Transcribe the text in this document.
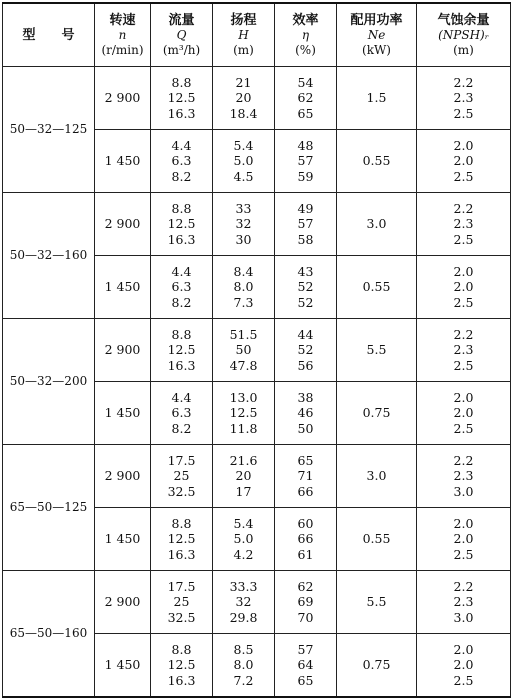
型　　号	转速
n
(r/min)	流量
Q
(m³/h)	扬程
H
(m)	效率
η
(%)	配用功率
Ne
(kW)	气蚀余量
(NPSH)ᵣ
(m)

50—32—125	2 900	8.8
12.5
16.3	21
20
18.4	54
62
65	1.5	2.2
2.3
2.5

	1 450	4.4
6.3
8.2	5.4
5.0
4.5	48
57
59	0.55	2.0
2.0
2.5

50—32—160	2 900	8.8
12.5
16.3	33
32
30	49
57
58	3.0	2.2
2.3
2.5

	1 450	4.4
6.3
8.2	8.4
8.0
7.3	43
52
52	0.55	2.0
2.0
2.5

50—32—200	2 900	8.8
12.5
16.3	51.5
50
47.8	44
52
56	5.5	2.2
2.3
2.5

	1 450	4.4
6.3
8.2	13.0
12.5
11.8	38
46
50	0.75	2.0
2.0
2.5

65—50—125	2 900	17.5
25
32.5	21.6
20
17	65
71
66	3.0	2.2
2.3
3.0

	1 450	8.8
12.5
16.3	5.4
5.0
4.2	60
66
61	0.55	2.0
2.0
2.5

65—50—160	2 900	17.5
25
32.5	33.3
32
29.8	62
69
70	5.5	2.2
2.3
3.0

	1 450	8.8
12.5
16.3	8.5
8.0
7.2	57
64
65	0.75	2.0
2.0
2.5
